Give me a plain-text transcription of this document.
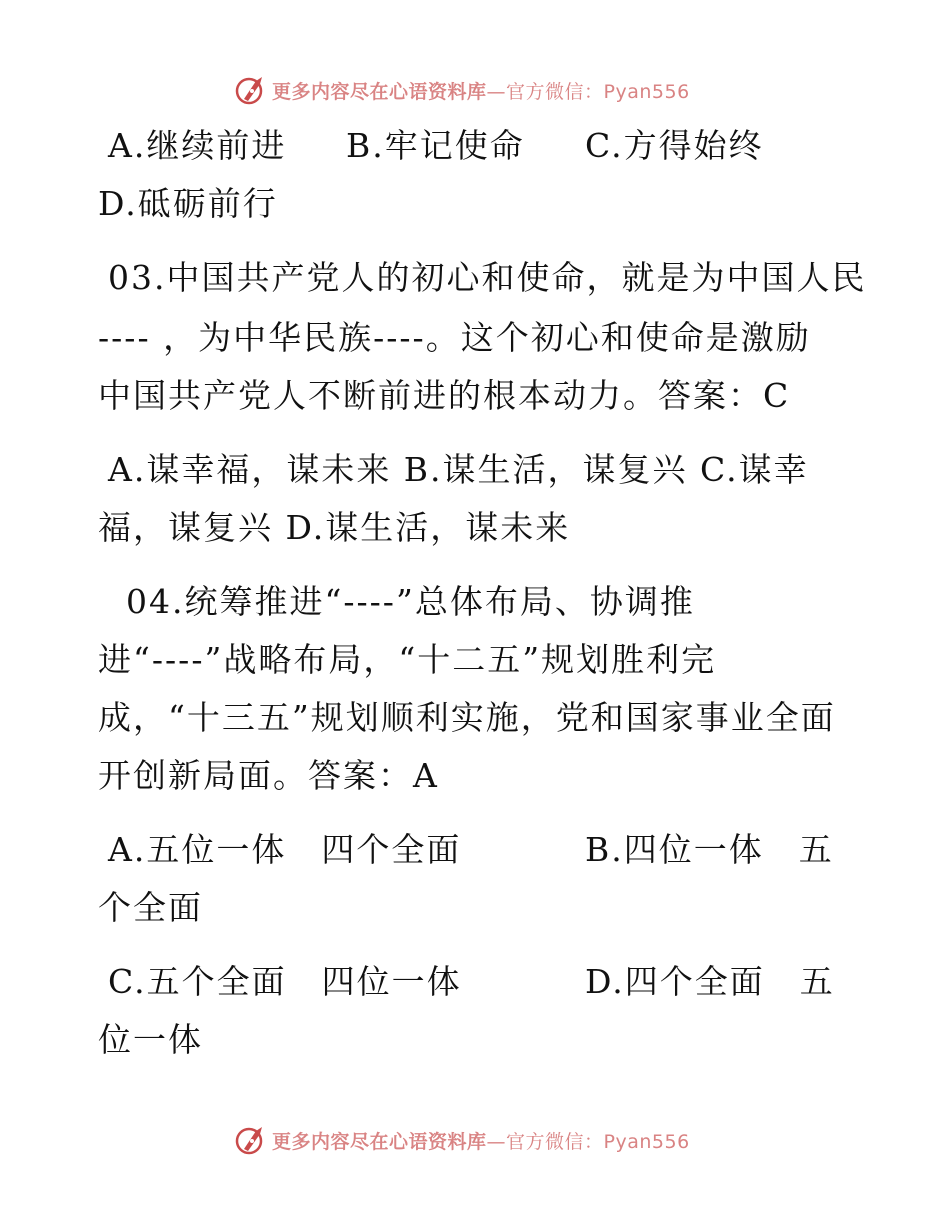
更多内容尽在心语资料库—官方微信：Pyan556
A.继续前进 B.牢记使命 C.方得始终
D.砥砺前行
03.中国共产党人的初心和使命，就是为中国人民
---- ，为中华民族----。这个初心和使命是激励
中国共产党人不断前进的根本动力。答案：C
A.谋幸福，谋未来 B.谋生活，谋复兴 C.谋幸
福，谋复兴 D.谋生活，谋未来
04.统筹推进“----”总体布局、协调推
进“----”战略布局，“十二五”规划胜利完
成，“十三五”规划顺利实施，党和国家事业全面
开创新局面。答案：A
A.五位一体　四个全面	B.四位一体　五
个全面
C.五个全面　四位一体	D.四个全面　五
位一体
更多内容尽在心语资料库—官方微信：Pyan556
